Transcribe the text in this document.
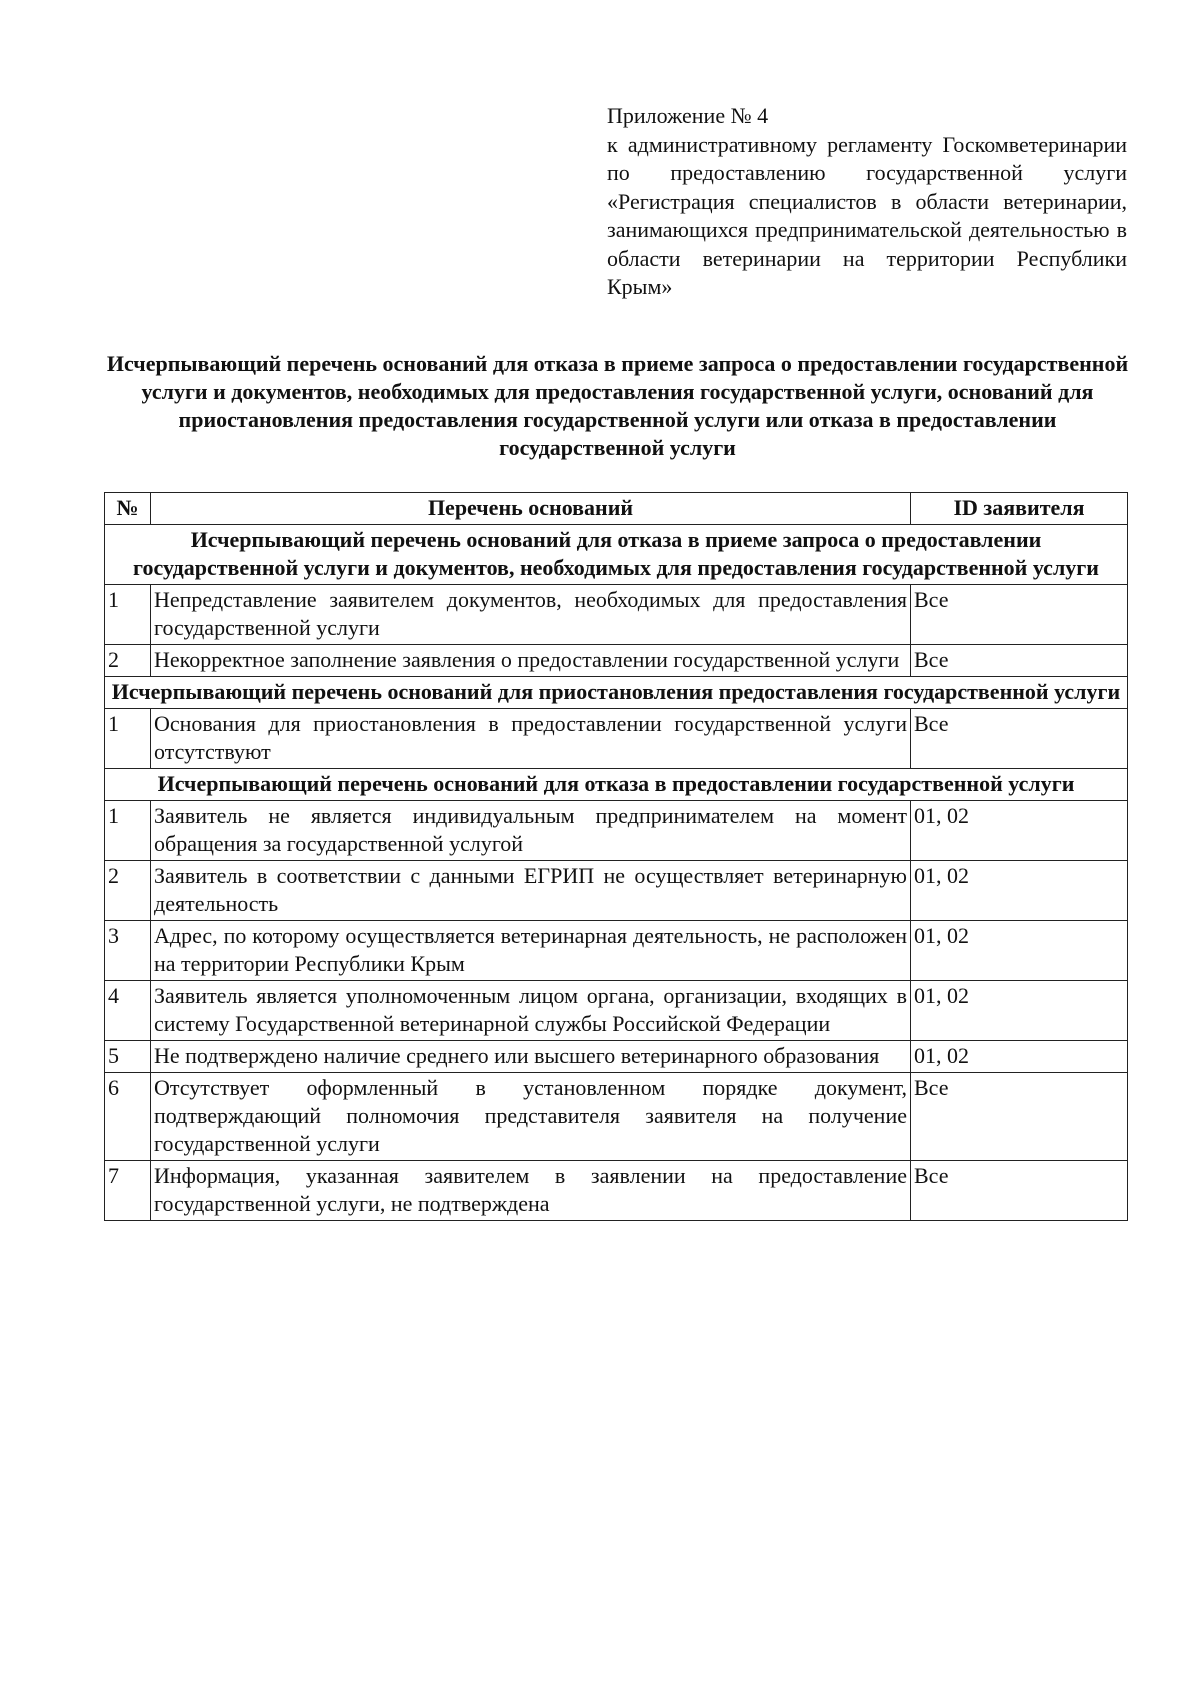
Приложение № 4
к административному регламенту Госкомветеринарии по предоставлению государственной услуги «Регистрация специалистов в области ветеринарии, занимающихся предпринимательской деятельностью в области ветеринарии на территории Республики Крым»
Исчерпывающий перечень оснований для отказа в приеме запроса о предоставлении государственной услуги и документов, необходимых для предоставления государственной услуги, оснований для приостановления предоставления государственной услуги или отказа в предоставлении государственной услуги
№	Перечень оснований	ID заявителя
Исчерпывающий перечень оснований для отказа в приеме запроса о предоставлении государственной услуги и документов, необходимых для предоставления государственной услуги		
1	Непредставление заявителем документов, необходимых для предоставления государственной услуги	Все
2	Некорректное заполнение заявления о предоставлении государственной услуги	Все
Исчерпывающий перечень оснований для приостановления предоставления государственной услуги		
1	Основания для приостановления в предоставлении государственной услуги отсутствуют	Все
Исчерпывающий перечень оснований для отказа в предоставлении государственной услуги		
1	Заявитель не является индивидуальным предпринимателем на момент обращения за государственной услугой	01, 02
2	Заявитель в соответствии с данными ЕГРИП не осуществляет ветеринарную деятельность	01, 02
3	Адрес, по которому осуществляется ветеринарная деятельность, не расположен на территории Республики Крым	01, 02
4	Заявитель является уполномоченным лицом органа, организации, входящих в систему Государственной ветеринарной службы Российской Федерации	01, 02
5	Не подтверждено наличие среднего или высшего ветеринарного образования	01, 02
6	Отсутствует оформленный в установленном порядке документ, подтверждающий полномочия представителя заявителя на получение государственной услуги	Все
7	Информация, указанная заявителем в заявлении на предоставление государственной услуги, не подтверждена	Все
